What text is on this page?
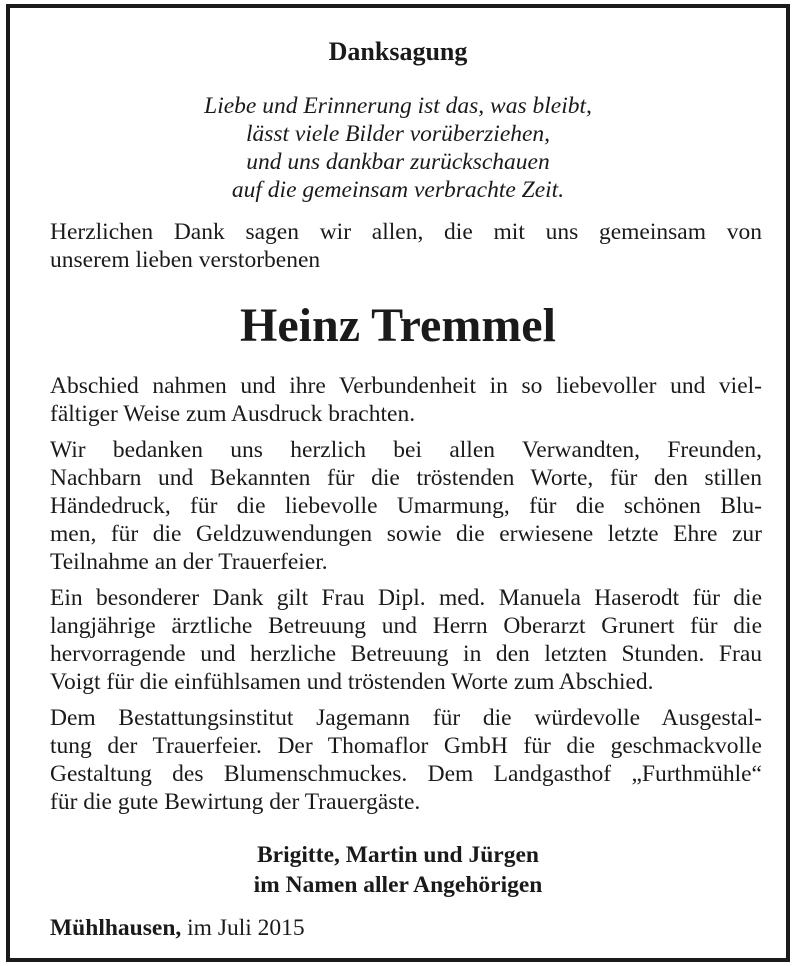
Danksagung
Liebe und Erinnerung ist das, was bleibt,
lässt viele Bilder vorüberziehen,
und uns dankbar zurückschauen
auf die gemeinsam verbrachte Zeit.
Herzlichen Dank sagen wir allen, die mit uns gemeinsam von
unserem lieben verstorbenen
Heinz Tremmel
Abschied nahmen und ihre Verbundenheit in so liebevoller und viel-
fältiger Weise zum Ausdruck brachten.
Wir bedanken uns herzlich bei allen Verwandten, Freunden,
Nachbarn und Bekannten für die tröstenden Worte, für den stillen
Händedruck, für die liebevolle Umarmung, für die schönen Blu-
men, für die Geldzuwendungen sowie die erwiesene letzte Ehre zur
Teilnahme an der Trauerfeier.
Ein besonderer Dank gilt Frau Dipl. med. Manuela Haserodt für die
langjährige ärztliche Betreuung und Herrn Oberarzt Grunert für die
hervorragende und herzliche Betreuung in den letzten Stunden. Frau
Voigt für die einfühlsamen und tröstenden Worte zum Abschied.
Dem Bestattungsinstitut Jagemann für die würdevolle Ausgestal-
tung der Trauerfeier. Der Thomaflor GmbH für die geschmackvolle
Gestaltung des Blumenschmuckes. Dem Landgasthof „Furthmühle“
für die gute Bewirtung der Trauergäste.
Brigitte, Martin und Jürgen
im Namen aller Angehörigen
Mühlhausen, im Juli 2015
